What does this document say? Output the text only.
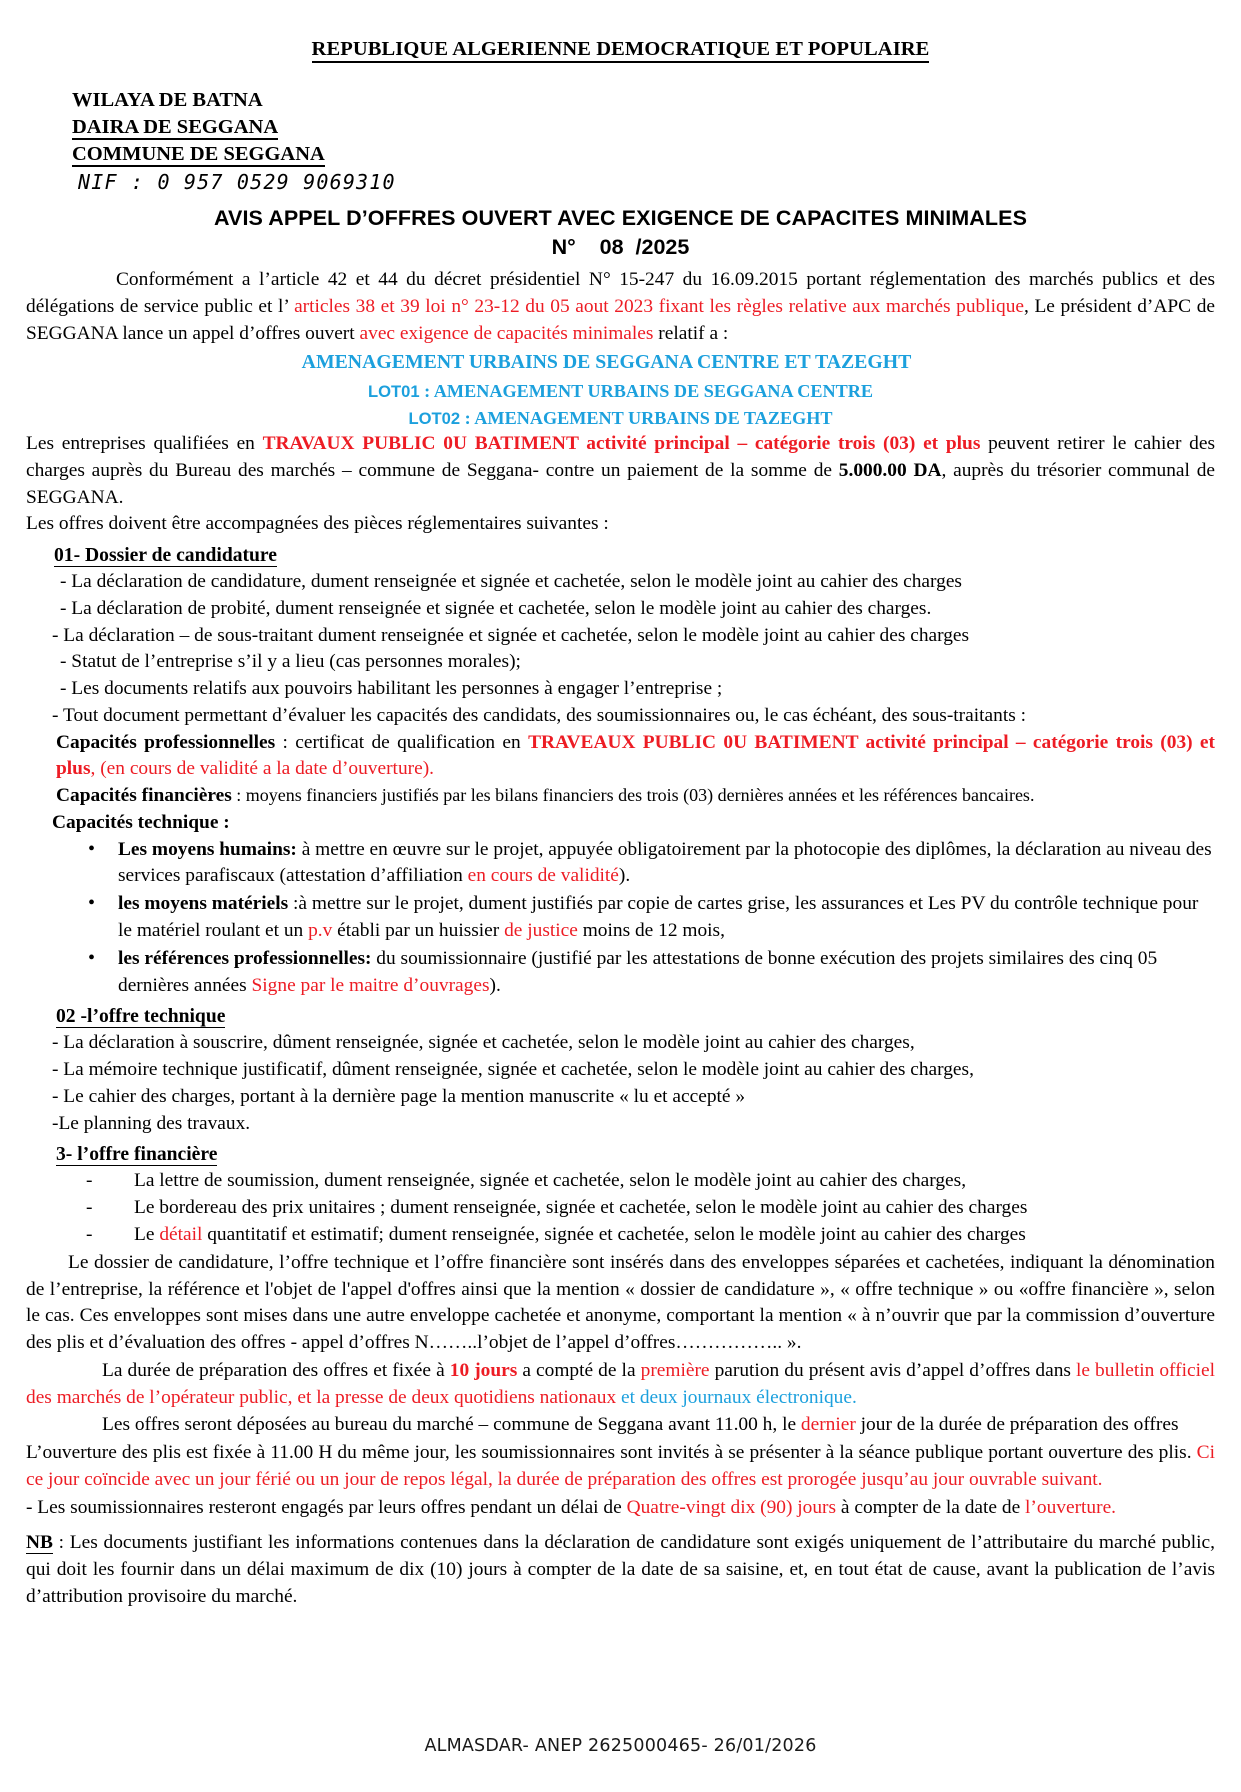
REPUBLIQUE ALGERIENNE DEMOCRATIQUE ET POPULAIRE
WILAYA DE BATNA
DAIRA DE SEGGANA
COMMUNE DE SEGGANA
NIF : 0 957 0529 9069310
AVIS APPEL D’OFFRES OUVERT AVEC EXIGENCE DE CAPACITES MINIMALES
N°    08  /2025

Conformément a l’article 42 et 44 du décret présidentiel N° 15-247 du 16.09.2015 portant réglementation des marchés publics et des délégations de service public et l’ articles 38 et 39 loi n° 23-12 du 05 aout 2023 fixant les règles relative aux marchés publique, Le président d’APC de SEGGANA lance un appel d’offres ouvert avec exigence de capacités minimales relatif a :

AMENAGEMENT URBAINS DE SEGGANA CENTRE ET TAZEGHT

LOT01 : AMENAGEMENT URBAINS DE SEGGANA CENTRE

LOT02 : AMENAGEMENT URBAINS DE TAZEGHT

Les entreprises qualifiées en TRAVAUX PUBLIC 0U BATIMENT activité principal – catégorie trois (03) et plus peuvent retirer le cahier des charges auprès du Bureau des marchés – commune de Seggana- contre un paiement de la somme de 5.000.00 DA, auprès du trésorier communal de SEGGANA.

Les offres doivent être accompagnées des pièces réglementaires suivantes :

01- Dossier de candidature

- La déclaration de candidature, dument renseignée et signée et cachetée, selon le modèle joint au cahier des charges

- La déclaration de probité, dument renseignée et signée et cachetée, selon le modèle joint au cahier des charges.

- La déclaration – de sous-traitant dument renseignée et signée et cachetée, selon le modèle joint au cahier des charges

- Statut de l’entreprise s’il y a lieu (cas personnes morales);

- Les documents relatifs aux pouvoirs habilitant les personnes à engager l’entreprise ;

- Tout document permettant d’évaluer les capacités des candidats, des soumissionnaires ou, le cas échéant, des sous-traitants :

Capacités professionnelles : certificat de qualification en TRAVEAUX PUBLIC 0U BATIMENT activité principal – catégorie trois (03) et plus, (en cours de validité a la date d’ouverture).

Capacités financières : moyens financiers justifiés par les bilans financiers des trois (03) dernières années et les références bancaires.

Capacités technique :

• Les moyens humains: à mettre en œuvre sur le projet, appuyée obligatoirement par la photocopie des diplômes, la déclaration au niveau des services parafiscaux (attestation d’affiliation en cours de validité).
• les moyens matériels :à mettre sur le projet, dument justifiés par copie de cartes grise, les assurances et Les PV du contrôle technique pour le matériel roulant et un p.v établi par un huissier de justice moins de 12 mois,
• les références professionnelles: du soumissionnaire (justifié par les attestations de bonne exécution des projets similaires des cinq 05 dernières années Signe par le maitre d’ouvrages).

02 -l’offre technique

- La déclaration à souscrire, dûment renseignée, signée et cachetée, selon le modèle joint au cahier des charges,

- La mémoire technique justificatif, dûment renseignée, signée et cachetée, selon le modèle joint au cahier des charges,

- Le cahier des charges, portant à la dernière page la mention manuscrite « lu et accepté »

-Le planning des travaux.

3- l’offre financière

- La lettre de soumission, dument renseignée, signée et cachetée, selon le modèle joint au cahier des charges,
- Le bordereau des prix unitaires ; dument renseignée, signée et cachetée, selon le modèle joint au cahier des charges
- Le détail quantitatif et estimatif; dument renseignée, signée et cachetée, selon le modèle joint au cahier des charges

Le dossier de candidature, l’offre technique et l’offre financière sont insérés dans des enveloppes séparées et cachetées, indiquant la dénomination de l’entreprise, la référence et l'objet de l'appel d'offres ainsi que la mention « dossier de candidature », « offre technique » ou «offre financière », selon le cas. Ces enveloppes sont mises dans une autre enveloppe cachetée et anonyme, comportant la mention « à n’ouvrir que par la commission d’ouverture des plis et d’évaluation des offres - appel d’offres N……..l’objet de l’appel d’offres…………….. ».

La durée de préparation des offres et fixée à 10 jours a compté de la première parution du présent avis d’appel d’offres dans le bulletin officiel des marchés de l’opérateur public, et la presse de deux quotidiens nationaux et deux journaux électronique.

Les offres seront déposées au bureau du marché – commune de Seggana avant 11.00 h, le dernier jour de la durée de préparation des offres

L’ouverture des plis est fixée à 11.00 H du même jour, les soumissionnaires sont invités à se présenter à la séance publique portant ouverture des plis. Ci ce jour coïncide avec un jour férié ou un jour de repos légal, la durée de préparation des offres est prorogée jusqu’au jour ouvrable suivant.

- Les soumissionnaires resteront engagés par leurs offres pendant un délai de Quatre-vingt dix (90) jours à compter de la date de l’ouverture.

NB : Les documents justifiant les informations contenues dans la déclaration de candidature sont exigés uniquement de l’attributaire du marché public, qui doit les fournir dans un délai maximum de dix (10) jours à compter de la date de sa saisine, et, en tout état de cause, avant la publication de l’avis d’attribution provisoire du marché.

ALMASDAR- ANEP 2625000465- 26/01/2026
